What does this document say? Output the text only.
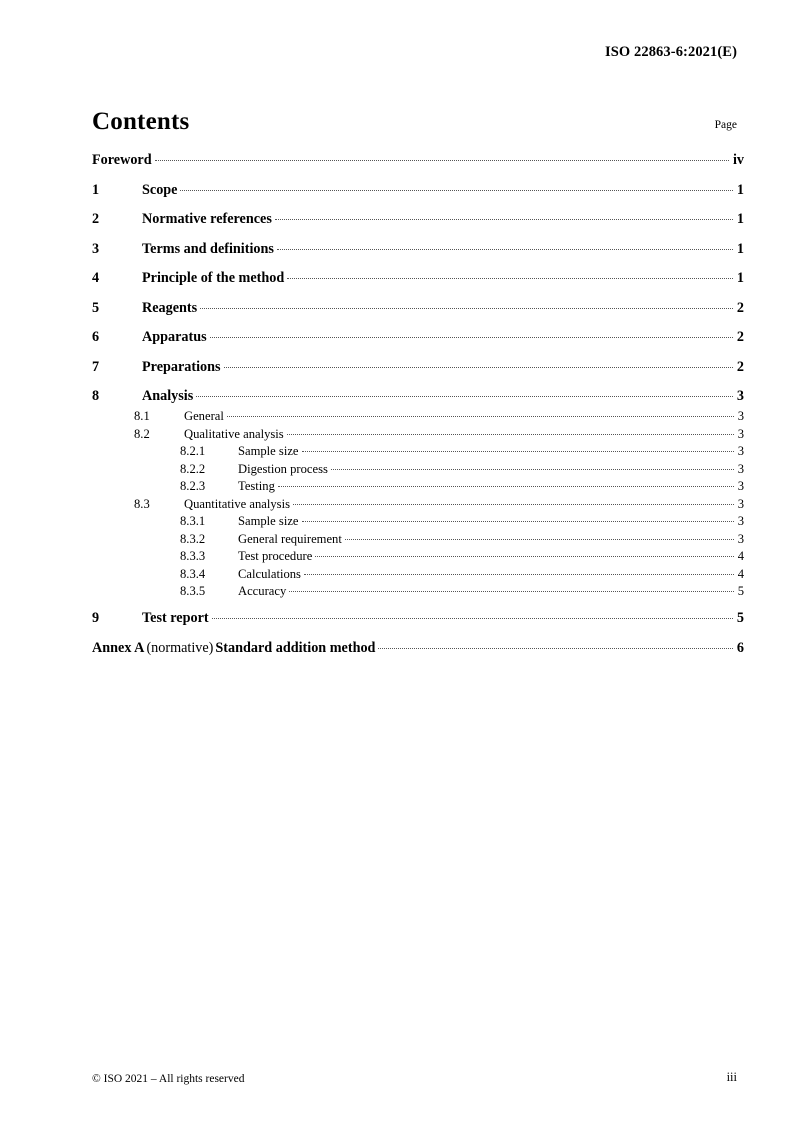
ISO 22863-6:2021(E)
Contents	Page
Foreword	iv
1	Scope	1
2	Normative references	1
3	Terms and definitions	1
4	Principle of the method	1
5	Reagents	2
6	Apparatus	2
7	Preparations	2
8	Analysis	3
8.1	General	3
8.2	Qualitative analysis	3
8.2.1	Sample size	3
8.2.2	Digestion process	3
8.2.3	Testing	3
8.3	Quantitative analysis	3
8.3.1	Sample size	3
8.3.2	General requirement	3
8.3.3	Test procedure	4
8.3.4	Calculations	4
8.3.5	Accuracy	5
9	Test report	5
Annex A (normative) Standard addition method	6
© ISO 2021 – All rights reserved	iii
